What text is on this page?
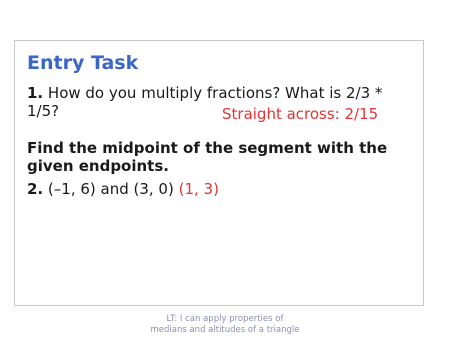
Entry Task
1. How do you multiply fractions? What is 2/3 * 1/5?	Straight across: 2/15
Find the midpoint of the segment with the given endpoints.
2. (–1, 6) and (3, 0) (1, 3)
LT: I can apply properties of
medians and altitudes of a triangle
